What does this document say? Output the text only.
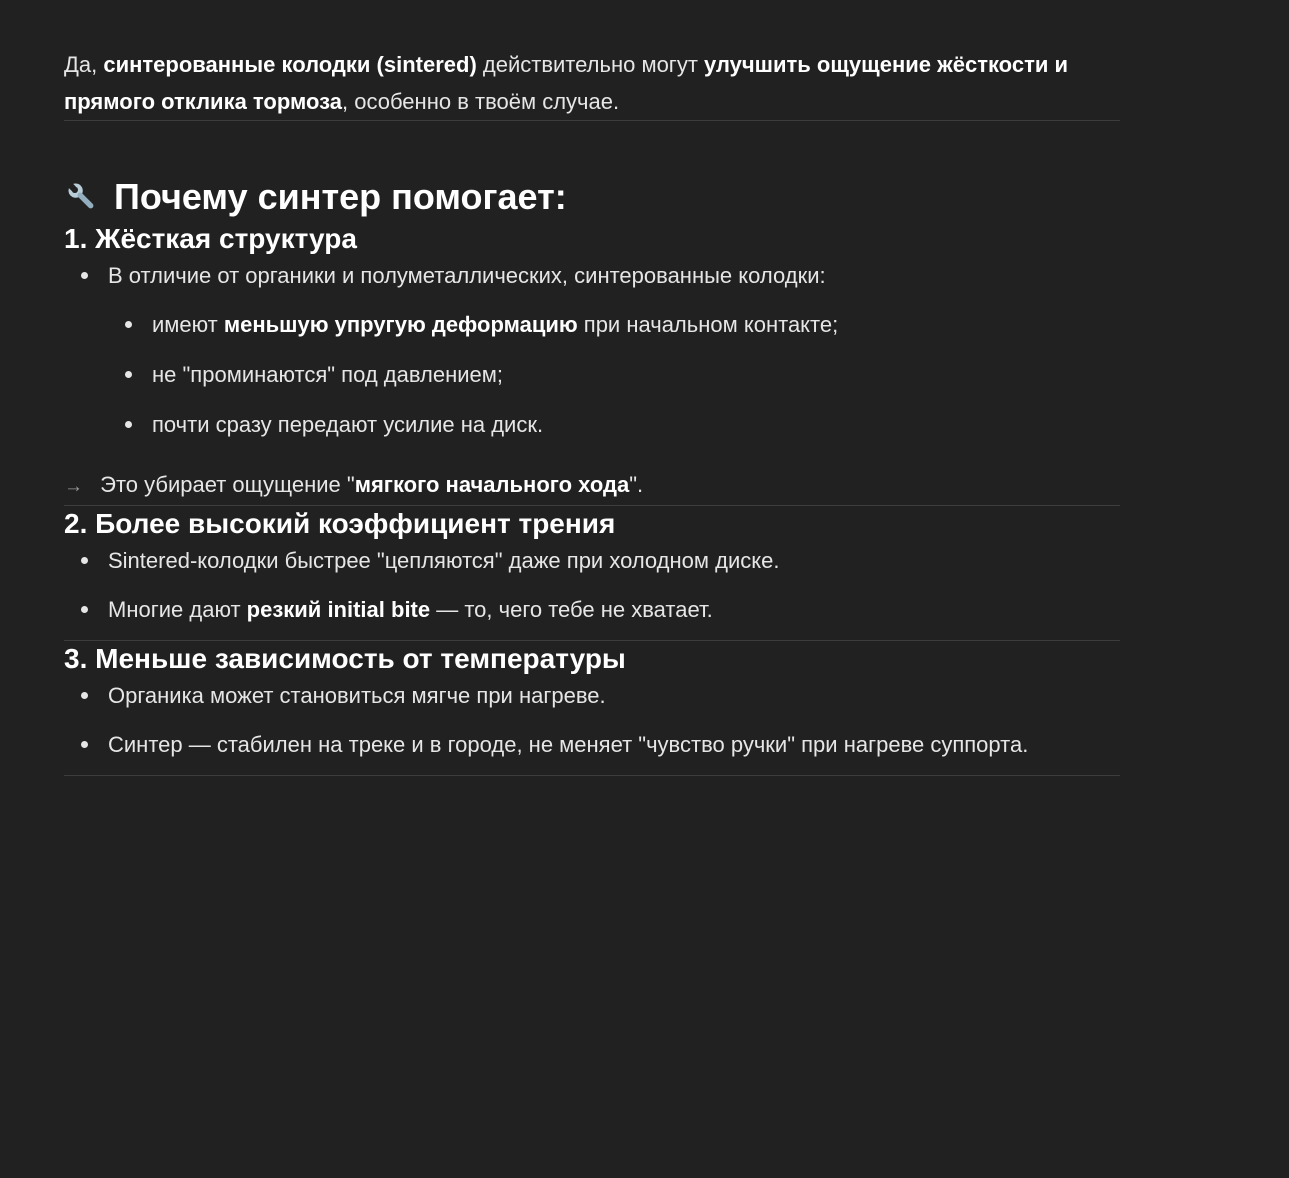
Да, синтерованные колодки (sintered) действительно могут улучшить ощущение жёсткости и прямого отклика тормоза, особенно в твоём случае.

Почему синтер помогает:
1. Жёсткая структура
В отличие от органики и полуметаллических, синтерованные колодки:
имеют меньшую упругую деформацию при начальном контакте;
не "проминаются" под давлением;
почти сразу передают усилие на диск.

→ Это убирает ощущение "мягкого начального хода".

2. Более высокий коэффициент трения
Sintered-колодки быстрее "цепляются" даже при холодном диске.
Многие дают резкий initial bite — то, чего тебе не хватает.
3. Меньше зависимость от температуры
Органика может становиться мягче при нагреве.
Синтер — стабилен на треке и в городе, не меняет "чувство ручки" при нагреве суппорта.
